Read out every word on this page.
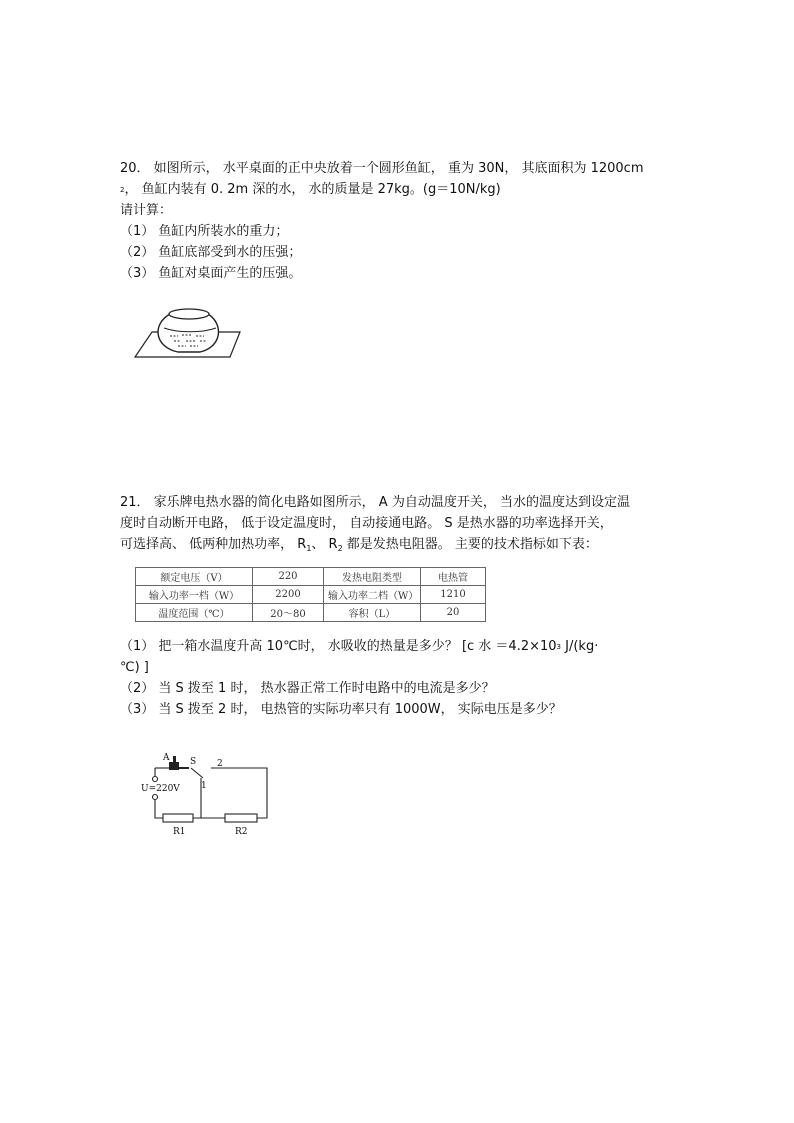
20． 如图所示， 水平桌面的正中央放着一个圆形鱼缸， 重为 30N， 其底面积为 1200cm
$^2$， 鱼缸内装有 0. 2m 深的水， 水的质量是 27kg。(g＝10N/kg)
请计算：
（1） 鱼缸内所装水的重力；
（2） 鱼缸底部受到水的压强；
（3） 鱼缸对桌面产生的压强。
21． 家乐牌电热水器的简化电路如图所示， A 为自动温度开关， 当水的温度达到设定温
度时自动断开电路， 低于设定温度时， 自动接通电路。 S 是热水器的功率选择开关，
可选择高、 低两种加热功率， $R_1$、 $R_2$ 都是发热电阻器。 主要的技术指标如下表：
额定电压（V）	220	发热电阻类型	电热管
输入功率一档（W）	2200	输入功率二档（W）	1210
温度范围（℃）	20～80	容积（L）	20
（1） 把一箱水温度升高 10℃时， 水吸收的热量是多少？ [c 水 $=4.2\times 10^3$ J/(kg·
℃) ]
（2） 当 S 拨至 1 时， 热水器正常工作时电路中的电流是多少？
（3） 当 S 拨至 2 时， 电热管的实际功率只有 1000W， 实际电压是多少？
A S
1
2
U=220V
R1	R2
